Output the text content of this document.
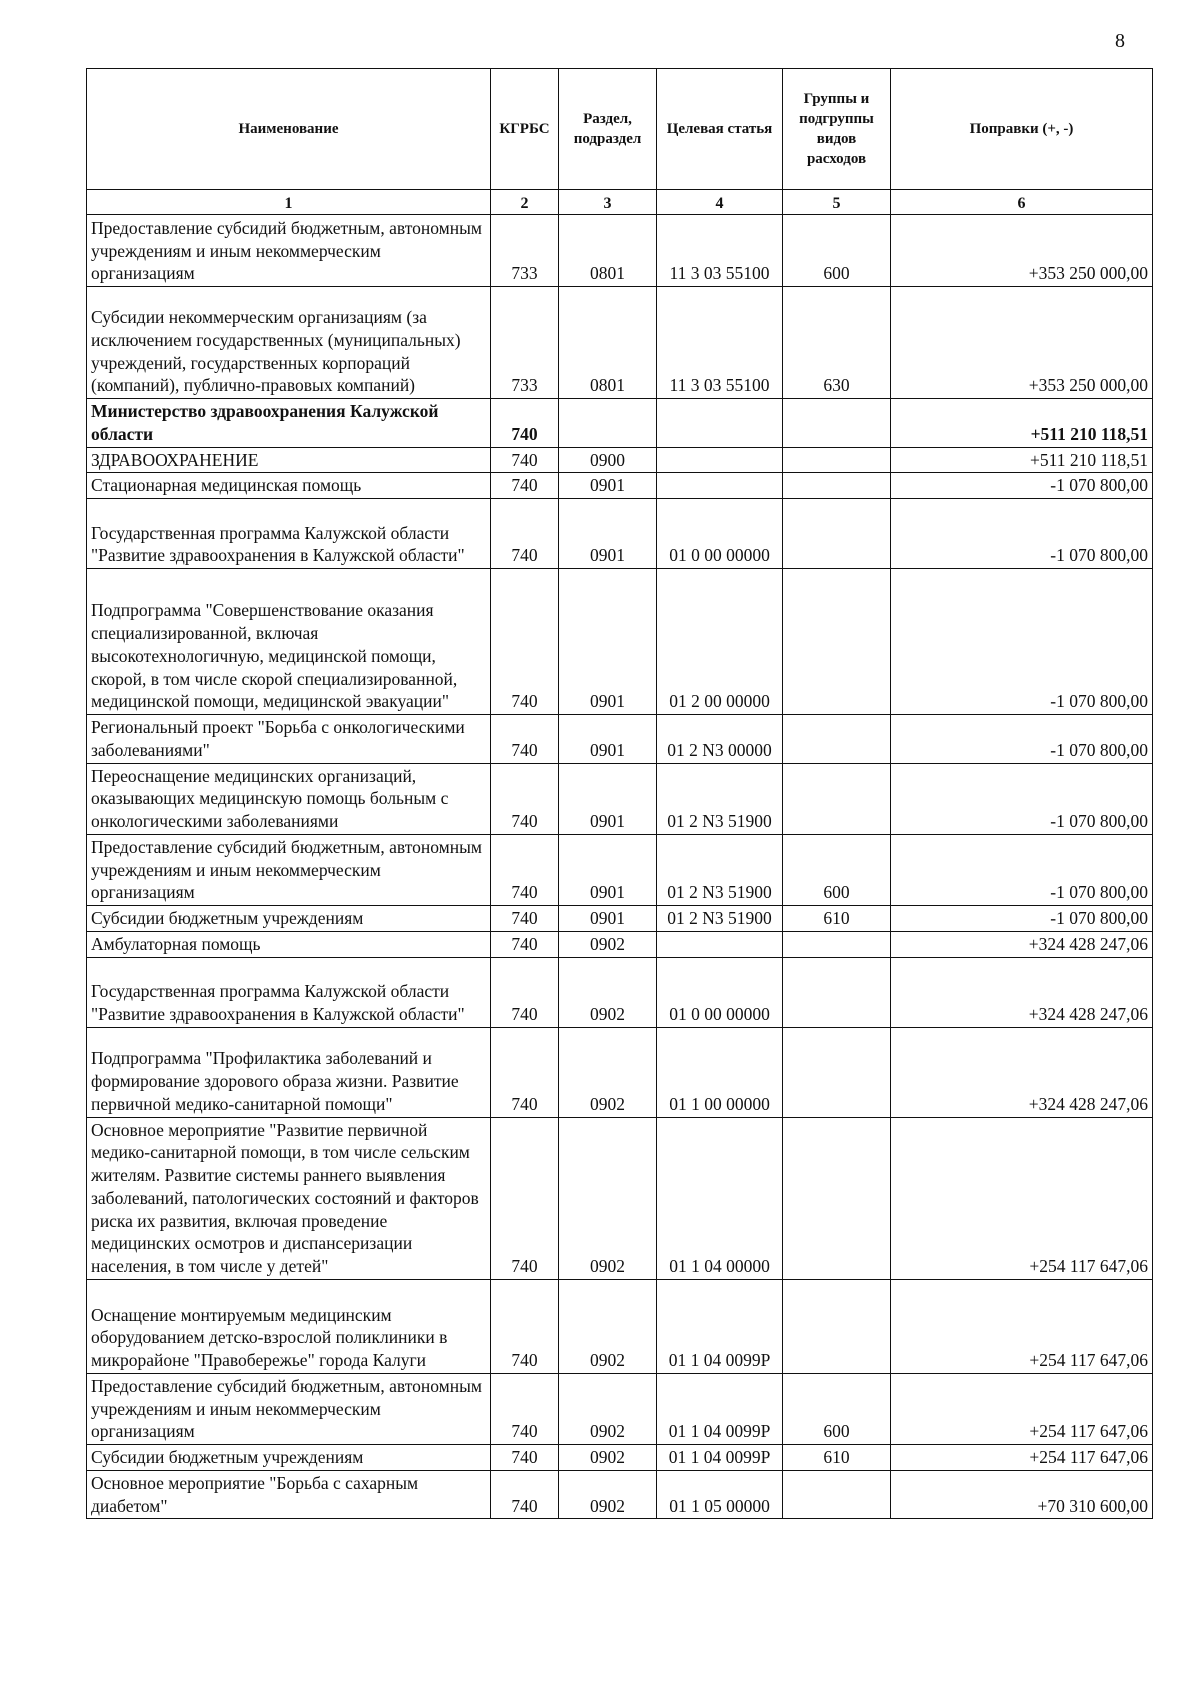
8
Наименование	КГРБС	Раздел, подраздел	Целевая статья	Группы и подгруппы видов расходов	Поправки (+, -)
1	2	3	4	5	6
Предоставление субсидий бюджетным, автономным учреждениям и иным некоммерческим организациям	733	0801	11 3 03 55100	600	+353 250 000,00
Субсидии некоммерческим организациям (за исключением государственных (муниципальных) учреждений, государственных корпораций (компаний), публично-правовых компаний)	733	0801	11 3 03 55100	630	+353 250 000,00
Министерство здравоохранения Калужской области	740				+511 210 118,51
ЗДРАВООХРАНЕНИЕ	740	0900			+511 210 118,51
Стационарная медицинская помощь	740	0901			-1 070 800,00
Государственная программа Калужской области "Развитие здравоохранения в Калужской области"	740	0901	01 0 00 00000		-1 070 800,00
Подпрограмма "Совершенствование оказания специализированной, включая высокотехнологичную, медицинской помощи, скорой, в том числе скорой специализированной, медицинской помощи, медицинской эвакуации"	740	0901	01 2 00 00000		-1 070 800,00
Региональный проект "Борьба с онкологическими заболеваниями"	740	0901	01 2 N3 00000		-1 070 800,00
Переоснащение медицинских организаций, оказывающих медицинскую помощь больным с онкологическими заболеваниями	740	0901	01 2 N3 51900		-1 070 800,00
Предоставление субсидий бюджетным, автономным учреждениям и иным некоммерческим организациям	740	0901	01 2 N3 51900	600	-1 070 800,00
Субсидии бюджетным учреждениям	740	0901	01 2 N3 51900	610	-1 070 800,00
Амбулаторная помощь	740	0902			+324 428 247,06
Государственная программа Калужской области "Развитие здравоохранения в Калужской области"	740	0902	01 0 00 00000		+324 428 247,06
Подпрограмма "Профилактика заболеваний и формирование здорового образа жизни. Развитие первичной медико-санитарной помощи"	740	0902	01 1 00 00000		+324 428 247,06
Основное мероприятие "Развитие первичной медико-санитарной помощи, в том числе сельским жителям. Развитие системы раннего выявления заболеваний, патологических состояний и факторов риска их развития, включая проведение медицинских осмотров и диспансеризации населения, в том числе у детей"	740	0902	01 1 04 00000		+254 117 647,06
Оснащение монтируемым медицинским оборудованием детско-взрослой поликлиники в микрорайоне "Правобережье" города Калуги	740	0902	01 1 04 0099P		+254 117 647,06
Предоставление субсидий бюджетным, автономным учреждениям и иным некоммерческим организациям	740	0902	01 1 04 0099P	600	+254 117 647,06
Субсидии бюджетным учреждениям	740	0902	01 1 04 0099P	610	+254 117 647,06
Основное мероприятие "Борьба с сахарным диабетом"	740	0902	01 1 05 00000		+70 310 600,00
